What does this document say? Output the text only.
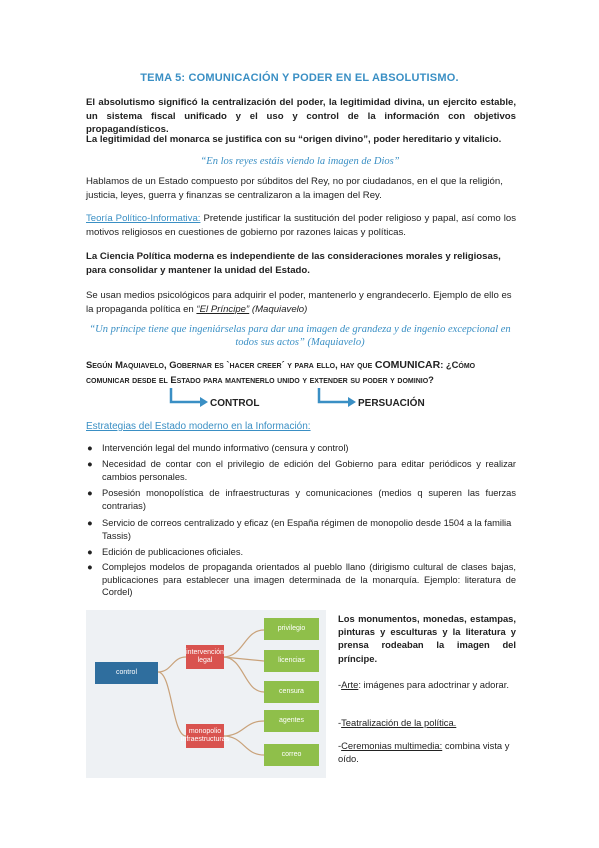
TEMA 5: COMUNICACIÓN Y PODER EN EL ABSOLUTISMO.
El absolutismo significó la centralización del poder, la legitimidad divina, un ejercito estable, un sistema fiscal unificado y el uso y control de la información con objetivos propagandísticos.
La legitimidad del monarca se justifica con su “origen divino”, poder hereditario y vitalicio.
“En los reyes estáis viendo la imagen de Dios”
Hablamos de un Estado compuesto por súbditos del Rey, no por ciudadanos, en el que la religión, justicia, leyes, guerra y finanzas se centralizaron a la imagen del Rey.
Teoría Político-Informativa: Pretende justificar la sustitución del poder religioso y papal, así como los motivos religiosos en cuestiones de gobierno por razones laicas y políticas.
La Ciencia Política moderna es independiente de las consideraciones morales y religiosas, para consolidar y mantener la unidad del Estado.
Se usan medios psicológicos para adquirir el poder, mantenerlo y engrandecerlo. Ejemplo de ello es la propaganda política en “El Príncipe” (Maquiavelo)
“Un príncipe tiene que ingeniárselas para dar una imagen de grandeza y de ingenio excepcional en todos sus actos” (Maquiavelo)
Según Maquiavelo, Gobernar es `hacer creer´ y para ello, hay que COMUNICAR: ¿Cómo comunicar desde el Estado para mantenerlo unido y extender su poder y dominio?
CONTROL	PERSUACIÓN
Estrategias del Estado moderno en la Información:
● Intervención legal del mundo informativo (censura y control)
● Necesidad de contar con el privilegio de edición del Gobierno para editar periódicos y realizar cambios personales.
● Posesión monopolística de infraestructuras y comunicaciones (medios q superen las fuerzas contrarias)
● Servicio de correos centralizado y eficaz (en España régimen de monopolio desde 1504 a la familia Tassis)
● Edición de publicaciones oficiales.
● Complejos modelos de propaganda orientados al pueblo llano (dirigismo cultural de clases bajas, publicaciones para establecer una imagen determinada de la monarquía. Ejemplo: literatura de Cordel)
control
intervención legal
monopolio infraestructuras
privilegio
licencias
censura
agentes
correo
Los monumentos, monedas, estampas, pinturas y esculturas y la literatura y prensa rodeaban la imagen del príncipe.
-Arte: imágenes para adoctrinar y adorar.
-Teatralización de la política.
-Ceremonias multimedia: combina vista y oído.
